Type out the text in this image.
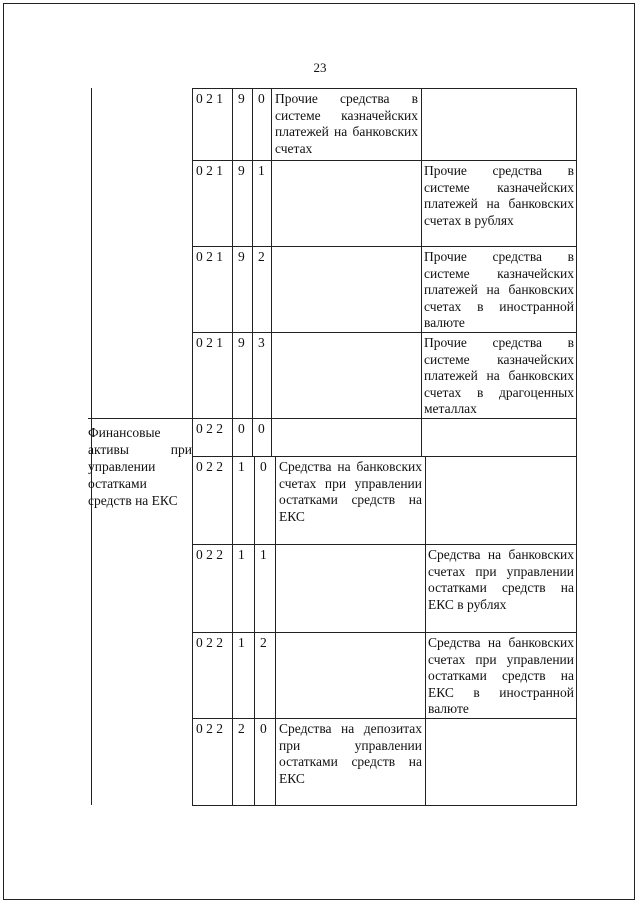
23
Финансовые активы при управлении остатками средств на ЕКС
0 2 1 9 0 Прочие средства в системе казначейских платежей на банковских счетах
0 2 1 9 1	Прочие средства в системе казначейских платежей на банковских счетах в рублях
0 2 1 9 2	Прочие средства в системе казначейских платежей на банковских счетах в иностранной валюте
0 2 1 9 3	Прочие средства в системе казначейских платежей на банковских счетах в драгоценных металлах
0 2 2 0 0
0 2 2 1 0 Средства на банковских счетах при управлении остатками средств на ЕКС
0 2 2 1 1	Средства на банковских счетах при управлении остатками средств на ЕКС в рублях
0 2 2 1 2	Средства на банковских счетах при управлении остатками средств на ЕКС в иностранной валюте
0 2 2 2 0 Средства на депозитах при управлении остатками средств на ЕКС
